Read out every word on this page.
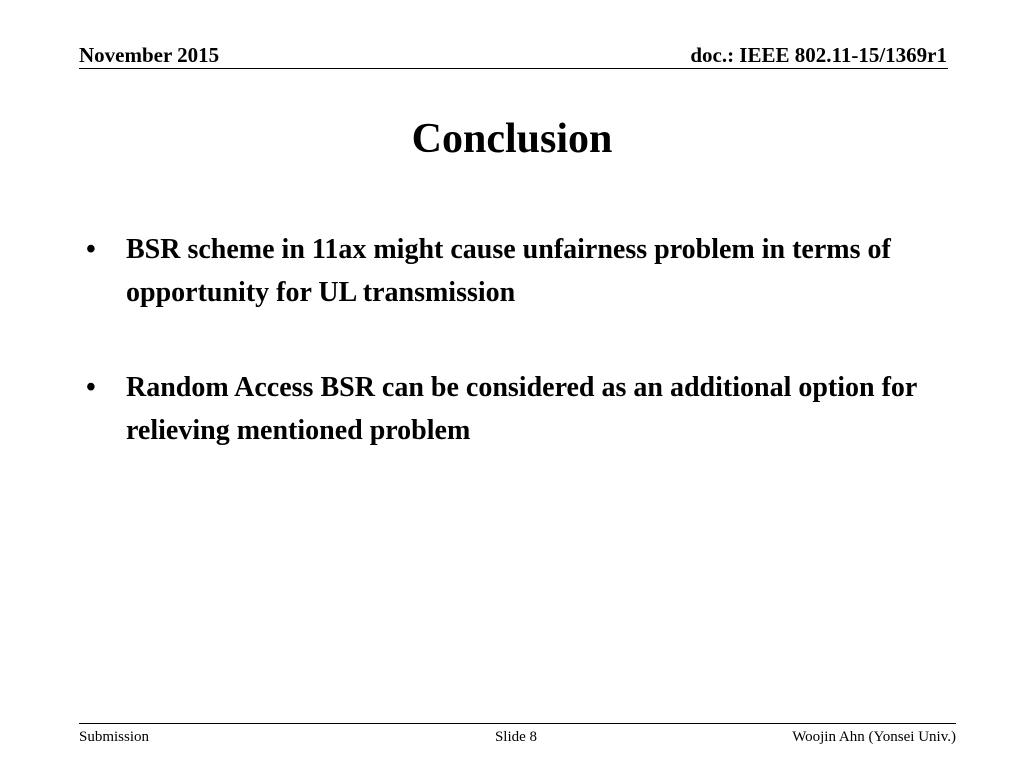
November 2015	doc.: IEEE 802.11-15/1369r1
Conclusion
• BSR scheme in 11ax might cause unfairness problem in terms of opportunity for UL transmission
• Random Access BSR can be considered as an additional option for relieving mentioned problem
Submission	Slide 8	Woojin Ahn (Yonsei Univ.)
